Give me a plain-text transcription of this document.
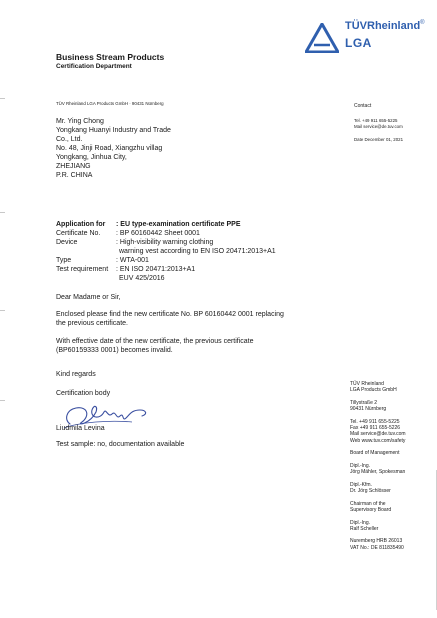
Business Stream Products
Certification Department
TÜVRheinland®
LGA
TÜV Rheinland LGA Products GmbH · 90431 Nürnberg
Mr. Ying Chong
Yongkang Huanyi Industry and Trade
Co., Ltd.
No. 48, Jinji Road, Xiangzhu villag
Yongkang, Jinhua City,
ZHEJIANG
P.R. CHINA
Contact
Tel. +49 911 655-5225
Mail service@de.tuv.com
Date December 01, 2021
Application for : EU type-examination certificate PPE
Certificate No. : BP 60160442 Sheet 0001
Device	: High-visibility warning clothing
warning vest according to EN ISO 20471:2013+A1
Type	: WTA-001
Test requirement : EN ISO 20471:2013+A1
EUV 425/2016
Dear Madame or Sir,
Enclosed please find the new certificate No. BP 60160442 0001 replacing
the previous certificate.
With effective date of the new certificate, the previous certificate
(BP60159333 0001) becomes invalid.
Kind regards
Certification body
Liudmila Levina
Test sample: no, documentation available
TÜV Rheinland
LGA Products GmbH
Tillystraße 2
90431 Nürnberg
Tel. +49 911 655-5225
Fax +49 911 655-5226
Mail service@de.tuv.com
Web www.tuv.com/safety
Board of Management
Dipl.-Ing.
Jörg Mähler, Spokesman
Dipl.-Kfm.
Dr. Jörg Schlösser
Chairman of the
Supervisory Board
Dipl.-Ing.
Ralf Scheller
Nuremberg HRB 26013
VAT No.: DE 811835490
